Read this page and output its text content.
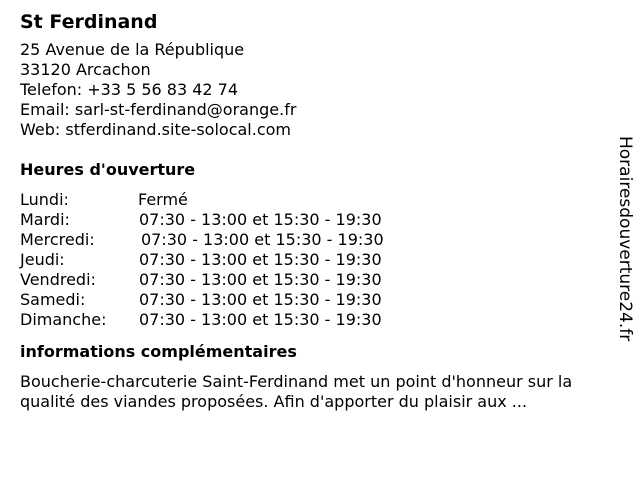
St Ferdinand
25 Avenue de la République
33120 Arcachon
Telefon: +33 5 56 83 42 74
Email: sarl-st-ferdinand@orange.fr
Web: stferdinand.site-solocal.com
Heures d'ouverture
Lundi:	Fermé
Mardi:	07:30 - 13:00 et 15:30 - 19:30
Mercredi:	07:30 - 13:00 et 15:30 - 19:30
Jeudi:	07:30 - 13:00 et 15:30 - 19:30
Vendredi:	07:30 - 13:00 et 15:30 - 19:30
Samedi:	07:30 - 13:00 et 15:30 - 19:30
Dimanche:	07:30 - 13:00 et 15:30 - 19:30
informations complémentaires
Boucherie-charcuterie Saint-Ferdinand met un point d'honneur sur la qualité des viandes proposées. Afin d'apporter du plaisir aux ...
Horairesdouverture24.fr
